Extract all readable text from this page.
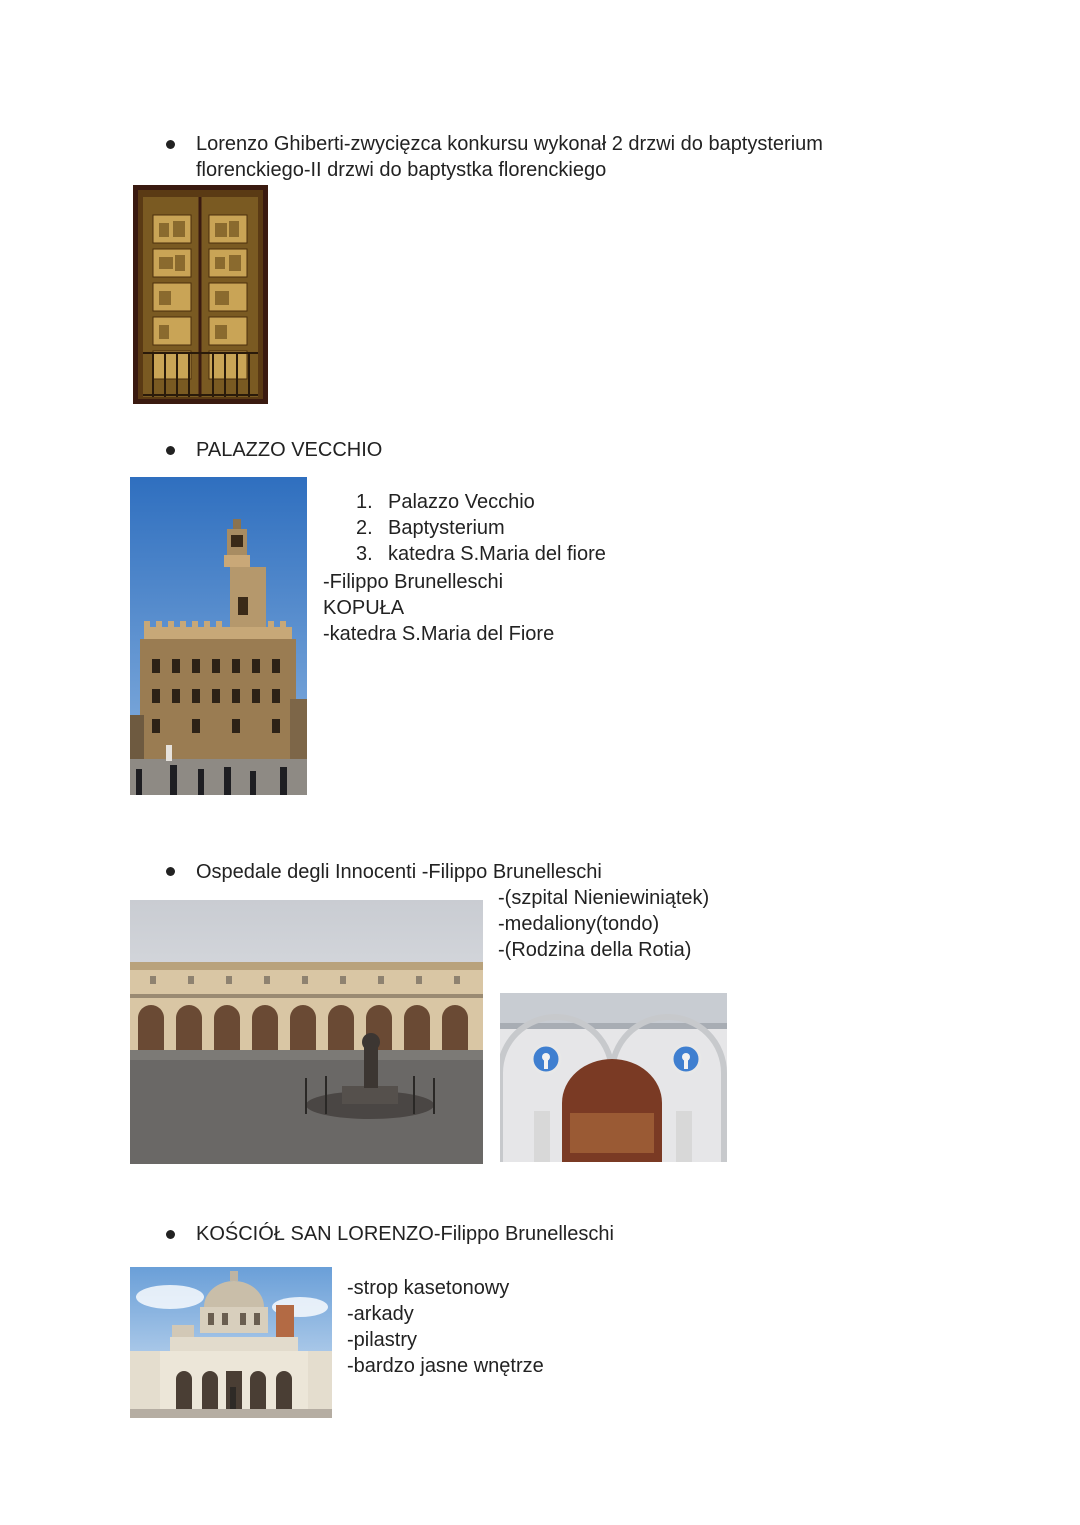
Lorenzo Ghiberti-zwycięzca konkursu wykonał 2 drzwi do baptysterium
florenckiego-II drzwi do baptystka florenckiego
PALAZZO VECCHIO
1. Palazzo Vecchio
2. Baptysterium
3. katedra S.Maria del fiore
-Filippo Brunelleschi
KOPUŁA
-katedra S.Maria del Fiore
Ospedale degli Innocenti -Filippo Brunelleschi
-(szpital Nieniewiniątek)
-medaliony(tondo)
-(Rodzina della Rotia)
KOŚCIÓŁ SAN LORENZO-Filippo Brunelleschi
-strop kasetonowy
-arkady
-pilastry
-bardzo jasne wnętrze
